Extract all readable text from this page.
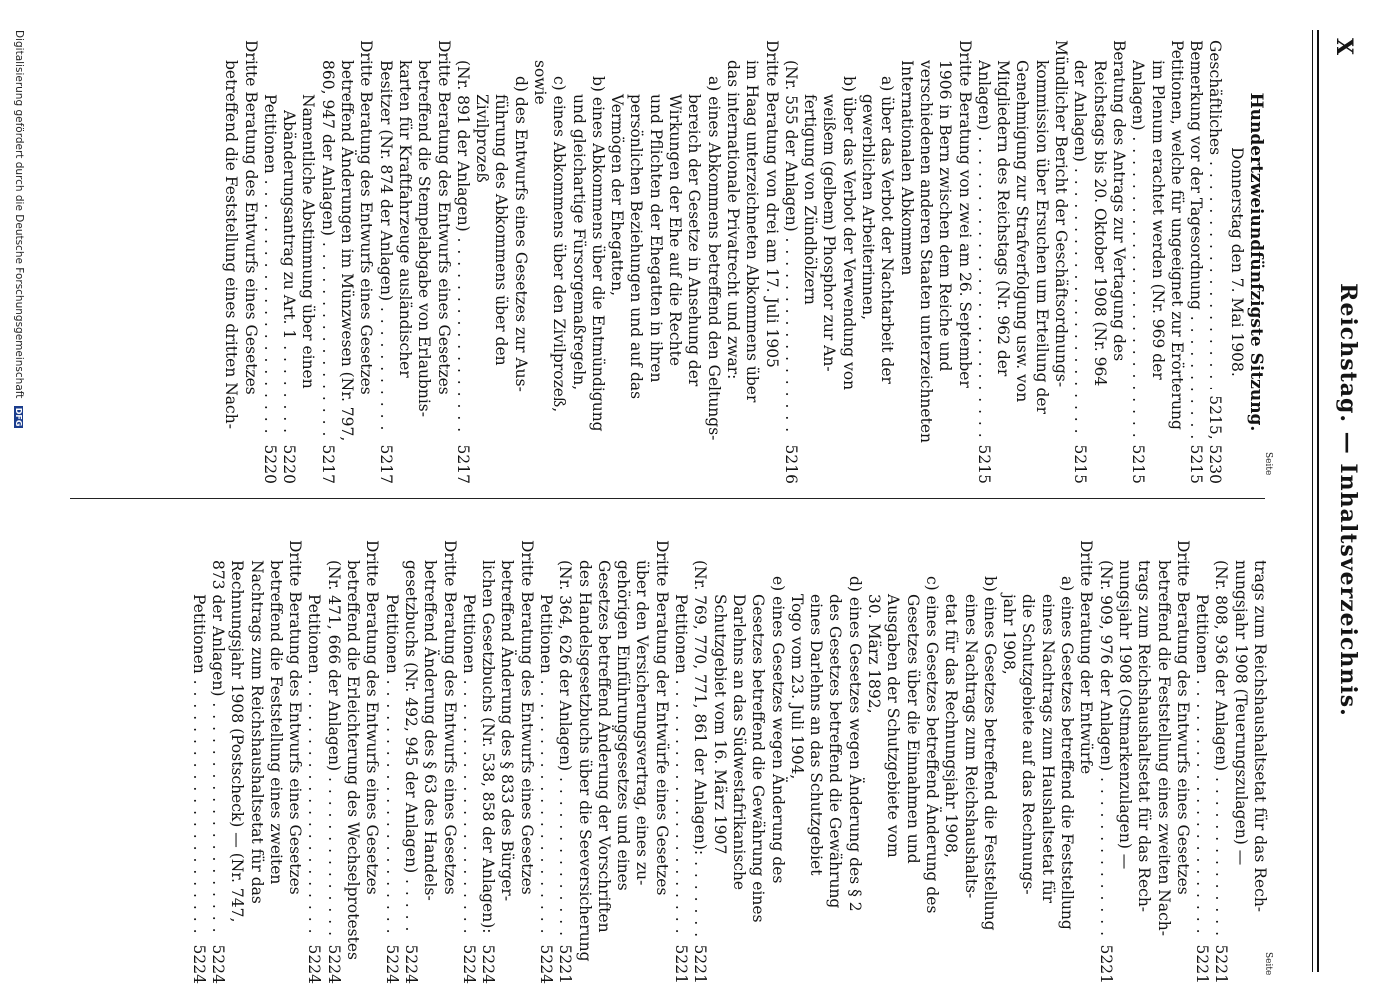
X
Reichstag. — Inhaltsverzeichnis.
Seite
Seite
Hundertzweiundfünfzigste Sitzung.
Donnerstag den 7. Mai 1908.
Geschäftliches . . .
5215, 5230
Bemerkung vor der Tagesordnung . . .
5215
Petitionen, welche für ungeeignet zur Erörterung
im Plenum erachtet werden (Nr. 969 der
Anlagen) . . .
5215
Beratung des Antrags zur Vertagung des
Reichstags bis 20. Oktober 1908 (Nr. 964
der Anlagen) . . .
5215
Mündlicher Bericht der Geschäftsordnungs-
kommission über Ersuchen um Erteilung der
Genehmigung zur Strafverfolgung usw. von
Mitgliedern des Reichstags (Nr. 962 der
Anlagen) . . .
5215
Dritte Beratung von zwei am 26. September
1906 in Bern zwischen dem Reiche und
verschiedenen anderen Staaten unterzeichneten
Internationalen Abkommen
a) über das Verbot der Nachtarbeit der
gewerblichen Arbeiterinnen,
b) über das Verbot der Verwendung von
weißem (gelbem) Phosphor zur An-
fertigung von Zündhölzern
(Nr. 555 der Anlagen) . . .
5216
Dritte Beratung von drei am 17. Juli 1905
im Haag unterzeichneten Abkommens über
das internationale Privatrecht und zwar:
a) eines Abkommens betreffend den Geltungs-
bereich der Gesetze in Ansehung der
Wirkungen der Ehe auf die Rechte
und Pflichten der Ehegatten in ihren
persönlichen Beziehungen und auf das
Vermögen der Ehegatten,
b) eines Abkommens über die Entmündigung
und gleichartige Fürsorgemaßregeln,
c) eines Abkommens über den Zivilprozeß,
sowie
d) des Entwurfs eines Gesetzes zur Aus-
führung des Abkommens über den
Zivilprozeß
(Nr. 891 der Anlagen) . . .
5217
Dritte Beratung des Entwurfs eines Gesetzes
betreffend die Stempelabgabe von Erlaubnis-
karten für Kraftfahrzeuge ausländischer
Besitzer (Nr. 874 der Anlagen) . . .
5217
Dritte Beratung des Entwurfs eines Gesetzes
betreffend Änderungen im Münzwesen (Nr. 797,
860, 947 der Anlagen) . . .
5217
Namentliche Abstimmung über einen
Abänderungsantrag zu Art. 1 . . .
5220
Petitionen . . .
5220
Dritte Beratung des Entwurfs eines Gesetzes
betreffend die Feststellung eines dritten Nach-
trags zum Reichshaushaltsetat für das Rech-
nungsjahr 1908 (Teuerungszulagen) —
(Nr. 808, 936 der Anlagen) . . .
5221
Petitionen . . .
5221
Dritte Beratung des Entwurfs eines Gesetzes
betreffend die Feststellung eines zweiten Nach-
trags zum Reichshaushaltsetat für das Rech-
nungsjahr 1908 (Ostmarkenzulagen) —
(Nr. 909, 976 der Anlagen) . . .
5221
Dritte Beratung der Entwürfe
a) eines Gesetzes betreffend die Feststellung
eines Nachtrags zum Haushaltsetat für
die Schutzgebiete auf das Rechnungs-
jahr 1908,
b) eines Gesetzes betreffend die Feststellung
eines Nachtrags zum Reichshaushalts-
etat für das Rechnungsjahr 1908,
c) eines Gesetzes betreffend Änderung des
Gesetzes über die Einnahmen und
Ausgaben der Schutzgebiete vom
30. März 1892,
d) eines Gesetzes wegen Änderung des § 2
des Gesetzes betreffend die Gewährung
eines Darlehns an das Schutzgebiet
Togo vom 23. Juli 1904,
e) eines Gesetzes wegen Änderung des
Gesetzes betreffend die Gewährung eines
Darlehns an das Südwestafrikanische
Schutzgebiet vom 16. März 1907
(Nr. 769, 770, 771, 861 der Anlagen): . . .
5221
Petitionen . . .
5221
Dritte Beratung der Entwürfe eines Gesetzes
über den Versicherungsvertrag, eines zu-
gehörigen Einführungsgesetzes und eines
Gesetzes betreffend Änderung der Vorschriften
des Handelsgesetzbuchs über die Seeversicherung
(Nr. 364, 626 der Anlagen) . . .
5221
Petitionen . . .
5224
Dritte Beratung des Entwurfs eines Gesetzes
betreffend Änderung des § 833 des Bürger-
lichen Gesetzbuchs (Nr. 538, 858 der Anlagen): . . .
5224
Petitionen . . .
5224
Dritte Beratung des Entwurfs eines Gesetzes
betreffend Änderung des § 63 des Handels-
gesetzbuchs (Nr. 492, 945 der Anlagen) . . .
5224
Petitionen . . .
5224
Dritte Beratung des Entwurfs eines Gesetzes
betreffend die Erleichterung des Wechselprotestes
(Nr. 471, 666 der Anlagen) . . .
5224
Petitionen . . .
5224
Dritte Beratung des Entwurfs eines Gesetzes
betreffend die Feststellung eines zweiten
Nachtrags zum Reichshaushaltsetat für das
Rechnungsjahr 1908 (Postscheck) — (Nr. 747,
873 der Anlagen) . . .
5224
Petitionen . . .
5224
Digitalisierung gefördert durch die Deutsche Forschungsgemeinschaft DFG
